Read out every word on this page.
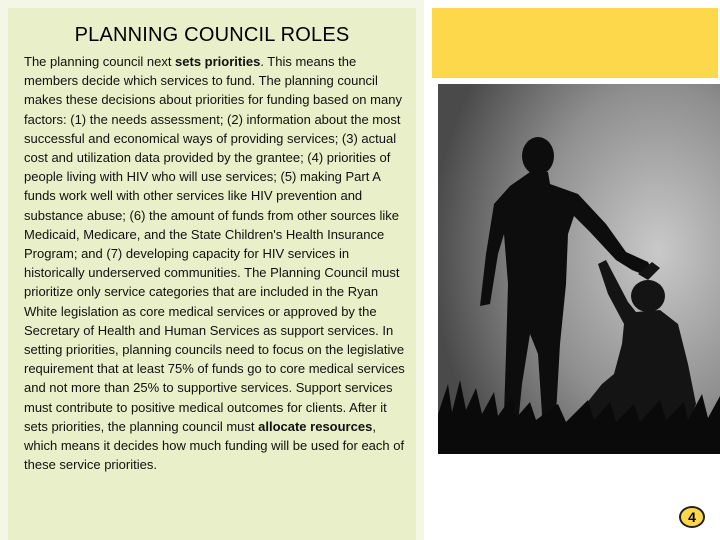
PLANNING COUNCIL ROLES

The planning council next sets priorities. This means the members decide which services to fund. The planning council makes these decisions about priorities for funding based on many factors: (1) the needs assessment; (2) information about the most successful and economical ways of providing services; (3) actual cost and utilization data provided by the grantee; (4) priorities of people living with HIV who will use services; (5) making Part A funds work well with other services like HIV prevention and substance abuse; (6) the amount of funds from other sources like Medicaid, Medicare, and the State Children's Health Insurance Program; and (7) developing capacity for HIV services in historically underserved communities. The Planning Council must prioritize only service categories that are included in the Ryan White legislation as core medical services or approved by the Secretary of Health and Human Services as support services. In setting priorities, planning councils need to focus on the legislative requirement that at least 75% of funds go to core medical services and not more than 25% to supportive services. Support services must contribute to positive medical outcomes for clients. After it sets priorities, the planning council must allocate resources, which means it decides how much funding will be used for each of these service priorities.

4
